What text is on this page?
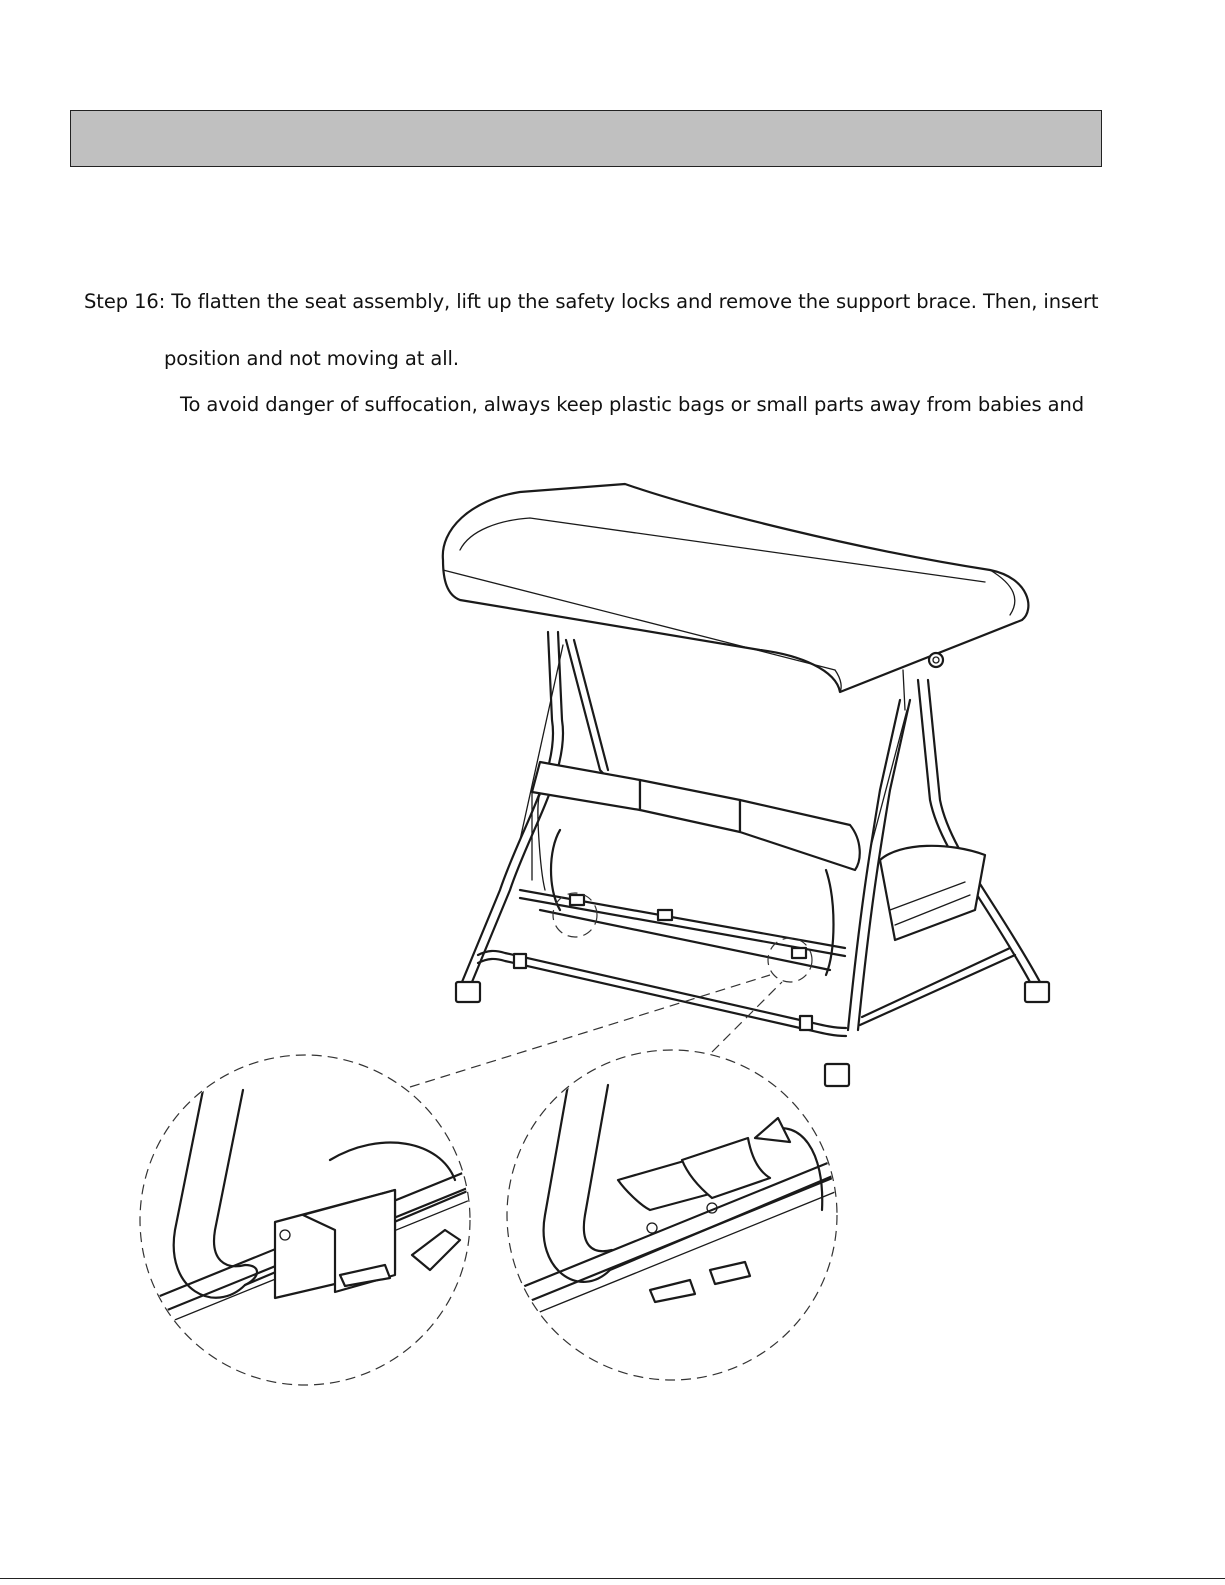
Step 16: To flatten the seat assembly, lift up the safety locks and remove the support brace. Then, insert
position and not moving at all.
To avoid danger of suffocation, always keep plastic bags or small parts away from babies and
